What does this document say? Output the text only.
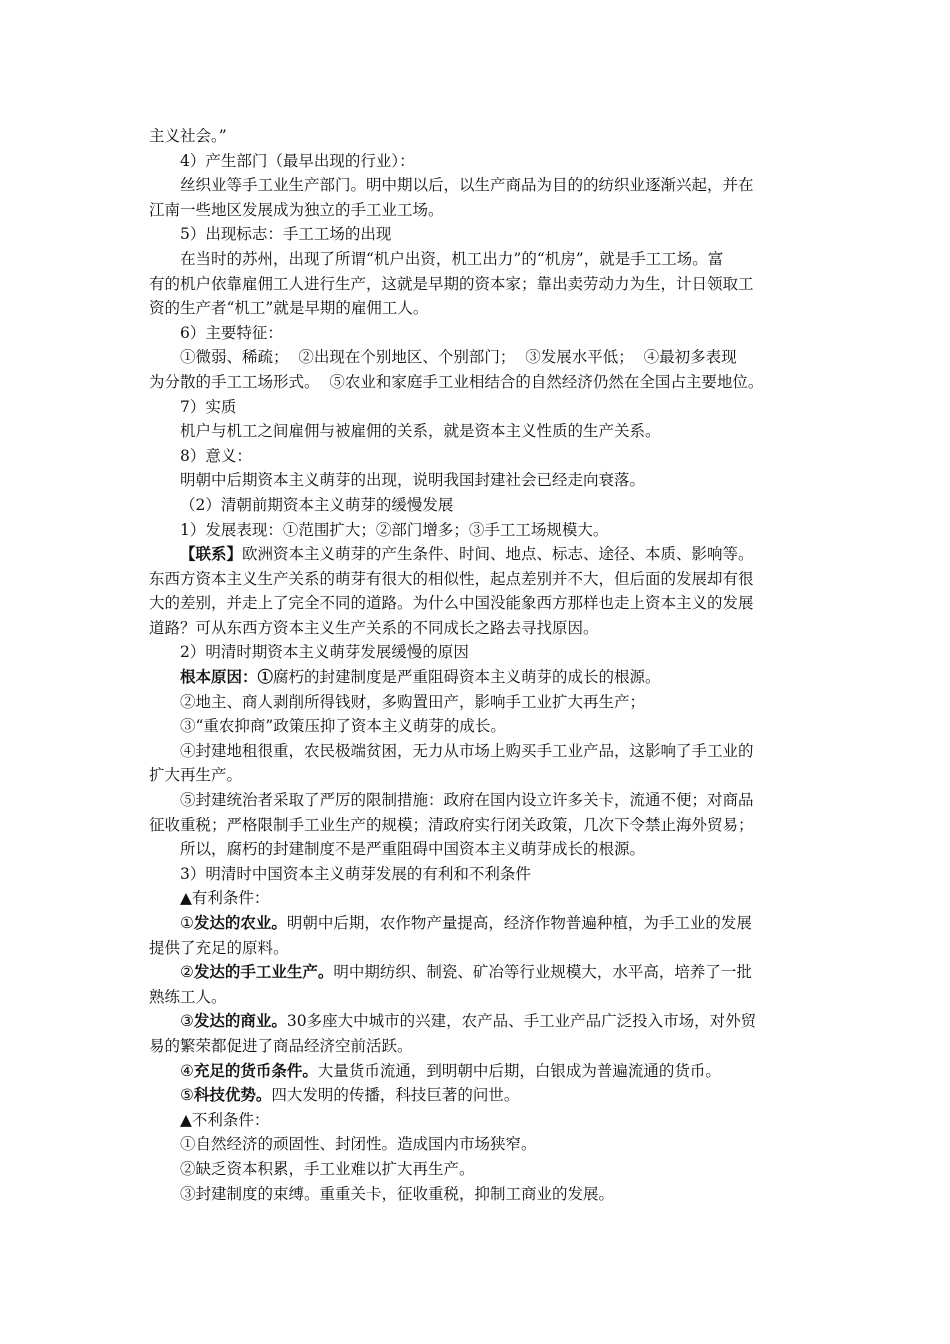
主义社会。”

4）产生部门（最早出现的行业）：

丝织业等手工业生产部门。明中期以后，以生产商品为目的的纺织业逐渐兴起，并在

江南一些地区发展成为独立的手工业工场。

5）出现标志：手工工场的出现

在当时的苏州，出现了所谓“机户出资，机工出力”的“机房”，就是手工工场。富

有的机户依靠雇佣工人进行生产，这就是早期的资本家；靠出卖劳动力为生，计日领取工

资的生产者“机工”就是早期的雇佣工人。

6）主要特征：

①微弱、稀疏；  ②出现在个别地区、个别部门；  ③发展水平低；  ④最初多表现

为分散的手工工场形式。  ⑤农业和家庭手工业相结合的自然经济仍然在全国占主要地位。

7）实质

机户与机工之间雇佣与被雇佣的关系，就是资本主义性质的生产关系。

8）意义：

明朝中后期资本主义萌芽的出现，说明我国封建社会已经走向衰落。

（2）清朝前期资本主义萌芽的缓慢发展

1）发展表现：①范围扩大；②部门增多；③手工工场规模大。

【联系】欧洲资本主义萌芽的产生条件、时间、地点、标志、途径、本质、影响等。

东西方资本主义生产关系的萌芽有很大的相似性，起点差别并不大，但后面的发展却有很

大的差别，并走上了完全不同的道路。为什么中国没能象西方那样也走上资本主义的发展

道路？可从东西方资本主义生产关系的不同成长之路去寻找原因。

2）明清时期资本主义萌芽发展缓慢的原因

根本原因：①腐朽的封建制度是严重阻碍资本主义萌芽的成长的根源。

②地主、商人剥削所得钱财，多购置田产，影响手工业扩大再生产；

③“重农抑商”政策压抑了资本主义萌芽的成长。

④封建地租很重，农民极端贫困，无力从市场上购买手工业产品，这影响了手工业的

扩大再生产。

⑤封建统治者采取了严厉的限制措施：政府在国内设立许多关卡，流通不便；对商品

征收重税；严格限制手工业生产的规模；清政府实行闭关政策，几次下令禁止海外贸易；

所以，腐朽的封建制度不是严重阻碍中国资本主义萌芽成长的根源。

3）明清时中国资本主义萌芽发展的有利和不利条件

▲有利条件：

①发达的农业。明朝中后期，农作物产量提高，经济作物普遍种植，为手工业的发展

提供了充足的原料。

②发达的手工业生产。明中期纺织、制瓷、矿冶等行业规模大，水平高，培养了一批

熟练工人。

③发达的商业。30多座大中城市的兴建，农产品、手工业产品广泛投入市场，对外贸

易的繁荣都促进了商品经济空前活跃。

④充足的货币条件。大量货币流通，到明朝中后期，白银成为普遍流通的货币。

⑤科技优势。四大发明的传播，科技巨著的问世。

▲不利条件：

①自然经济的顽固性、封闭性。造成国内市场狭窄。

②缺乏资本积累，手工业难以扩大再生产。

③封建制度的束缚。重重关卡，征收重税，抑制工商业的发展。
